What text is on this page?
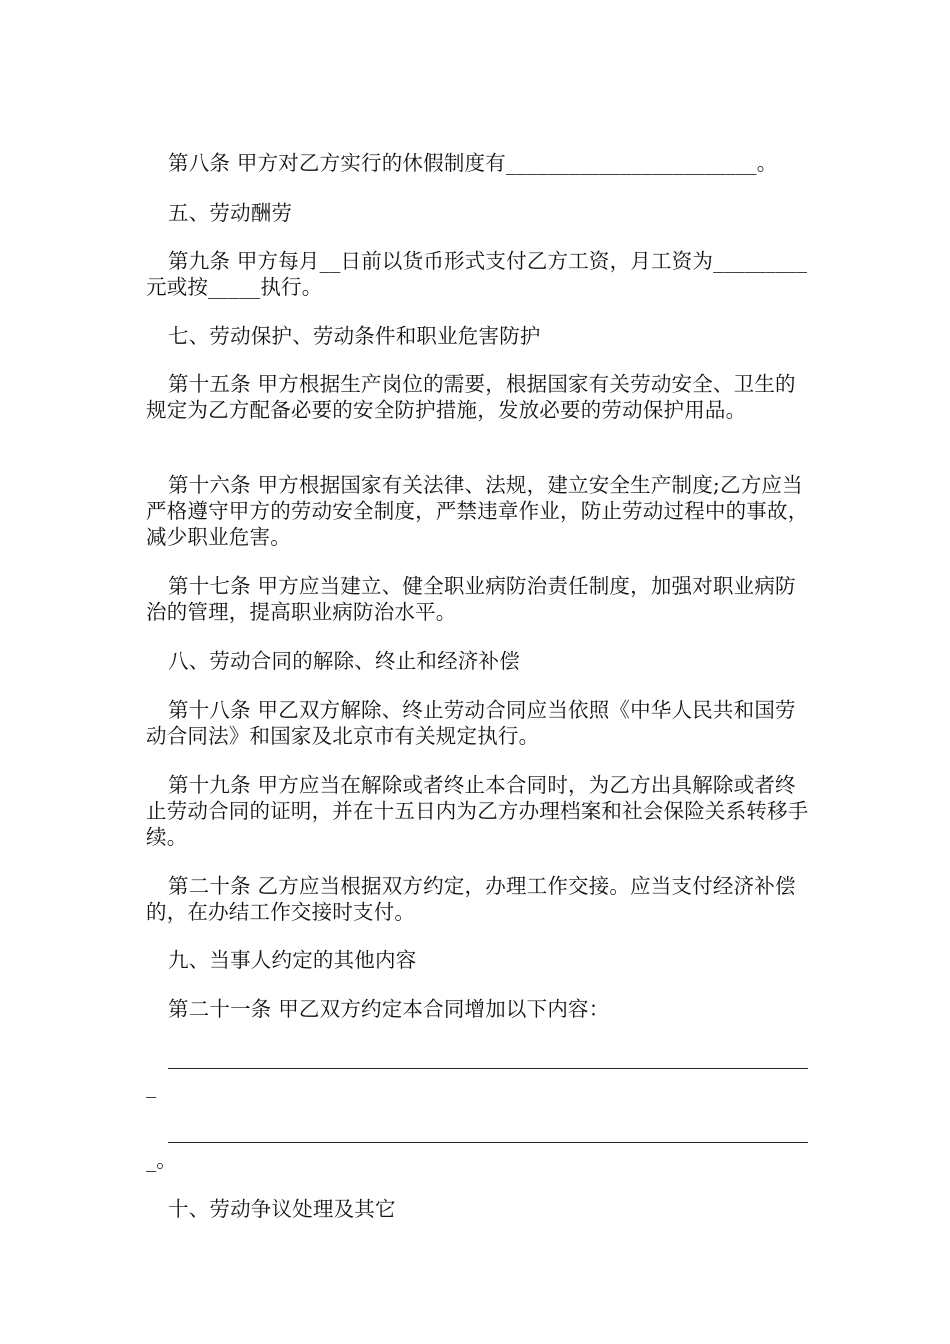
第八条 甲方对乙方实行的休假制度有________________________。
五、劳动酬劳
第九条 甲方每月__日前以货币形式支付乙方工资，月工资为_________元或按_____执行。
七、劳动保护、劳动条件和职业危害防护
第十五条 甲方根据生产岗位的需要，根据国家有关劳动安全、卫生的规定为乙方配备必要的安全防护措施，发放必要的劳动保护用品。
第十六条 甲方根据国家有关法律、法规，建立安全生产制度;乙方应当严格遵守甲方的劳动安全制度，严禁违章作业，防止劳动过程中的事故，减少职业危害。
第十七条 甲方应当建立、健全职业病防治责任制度，加强对职业病防治的管理，提高职业病防治水平。
八、劳动合同的解除、终止和经济补偿
第十八条 甲乙双方解除、终止劳动合同应当依照《中华人民共和国劳动合同法》和国家及北京市有关规定执行。
第十九条 甲方应当在解除或者终止本合同时，为乙方出具解除或者终止劳动合同的证明，并在十五日内为乙方办理档案和社会保险关系转移手续。
第二十条 乙方应当根据双方约定，办理工作交接。应当支付经济补偿的，在办结工作交接时支付。
九、当事人约定的其他内容
第二十一条 甲乙双方约定本合同增加以下内容：
_
_。
十、劳动争议处理及其它
